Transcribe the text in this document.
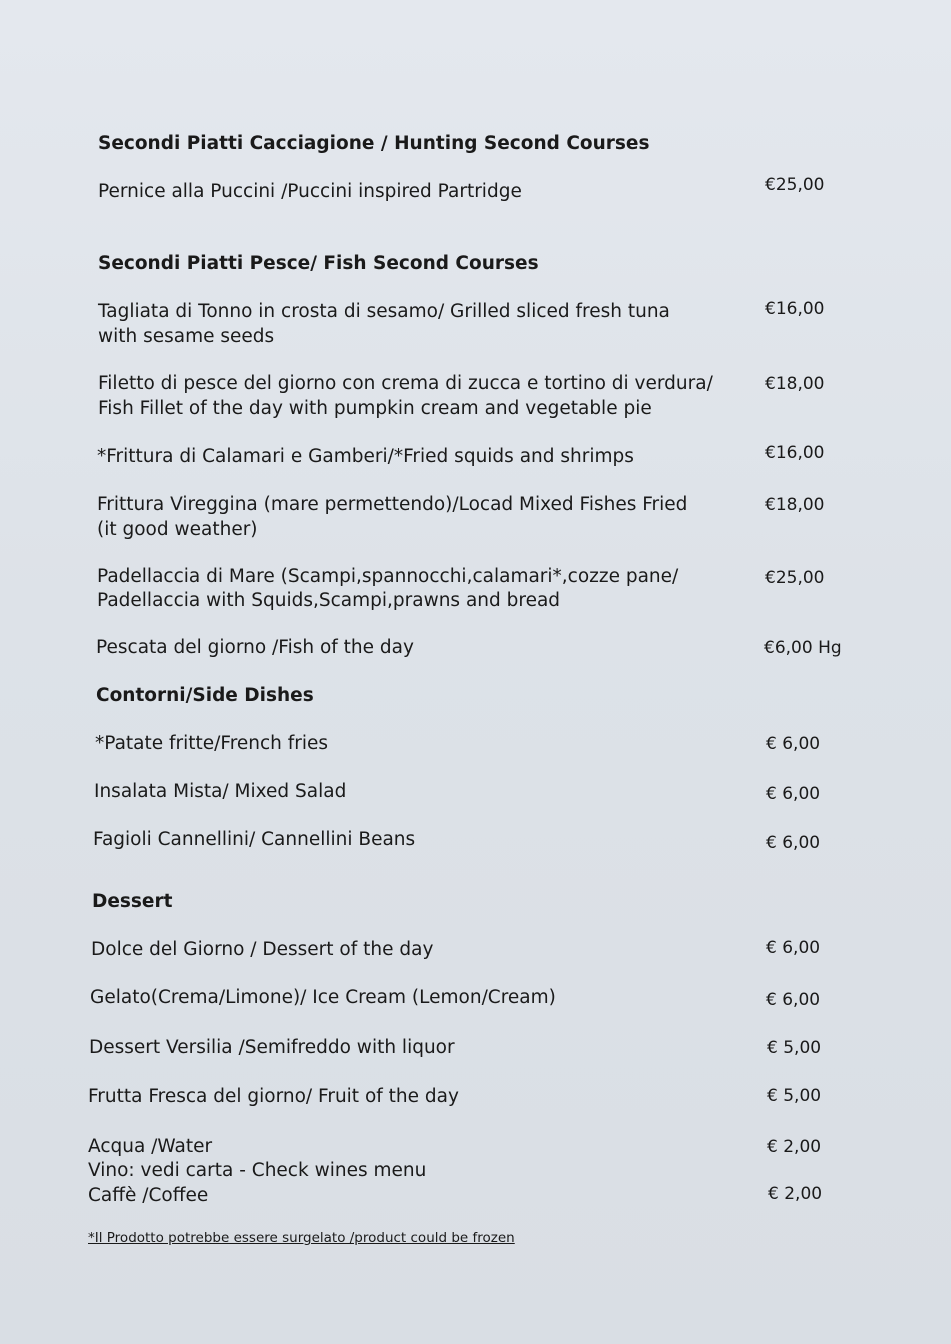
Secondi Piatti Cacciagione / Hunting Second Courses
Pernice alla Puccini /Puccini inspired Partridge	€25,00
Secondi Piatti Pesce/ Fish Second Courses
Tagliata di Tonno in crosta di sesamo/ Grilled sliced fresh tuna
with sesame seeds
€16,00
Filetto di pesce del giorno con crema di zucca e tortino di verdura/
Fish Fillet of the day with pumpkin cream and vegetable pie
€18,00
*Frittura di Calamari e Gamberi/*Fried squids and shrimps	€16,00
Frittura Vireggina (mare permettendo)/Locad Mixed Fishes Fried
(it good weather)
€18,00
Padellaccia di Mare (Scampi,spannocchi,calamari*,cozze pane/
Padellaccia with Squids,Scampi,prawns and bread
€25,00
Pescata del giorno /Fish of the day	€6,00 Hg
Contorni/Side Dishes
*Patate fritte/French fries	€ 6,00
Insalata Mista/ Mixed Salad	€ 6,00
Fagioli Cannellini/ Cannellini Beans	€ 6,00
Dessert
Dolce del Giorno / Dessert of the day	€ 6,00
Gelato(Crema/Limone)/ Ice Cream (Lemon/Cream)	€ 6,00
Dessert Versilia /Semifreddo with liquor	€ 5,00
Frutta Fresca del giorno/ Fruit of the day	€ 5,00
Acqua /Water	€ 2,00
Vino: vedi carta - Check wines menu
Caffè /Coffee	€ 2,00
*Il Prodotto potrebbe essere surgelato /product could be frozen
